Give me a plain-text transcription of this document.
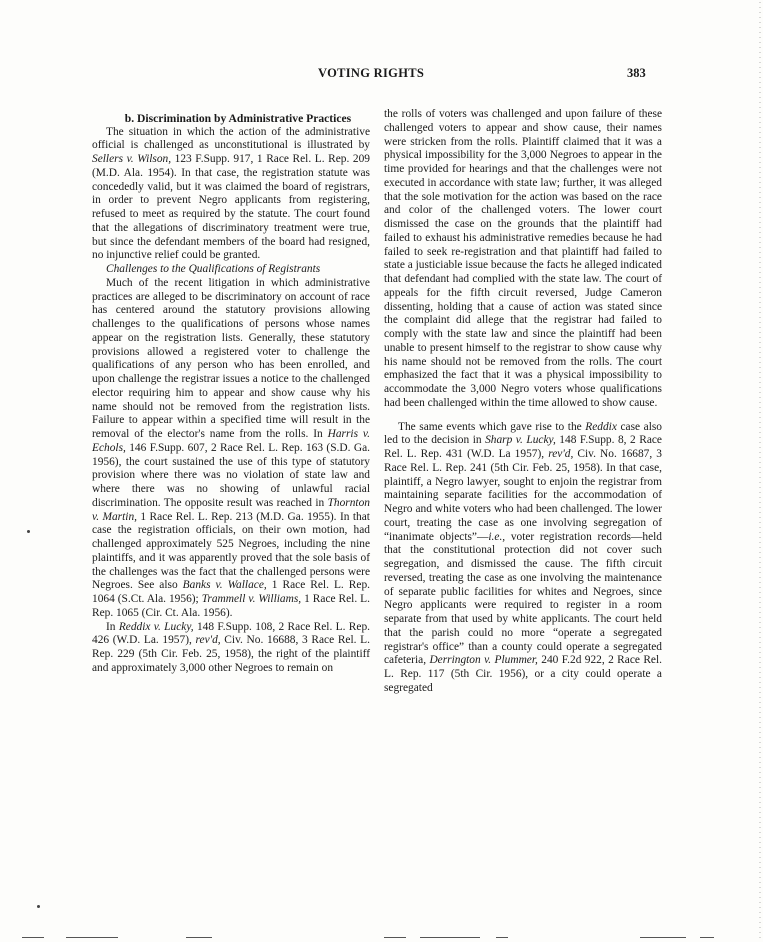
VOTING RIGHTS	383

b. Discrimination by Administrative Practices

The situation in which the action of the administrative official is challenged as unconstitutional is illustrated by Sellers v. Wilson, 123 F.Supp. 917, 1 Race Rel. L. Rep. 209 (M.D. Ala. 1954). In that case, the registration statute was concededly valid, but it was claimed the board of registrars, in order to prevent Negro applicants from registering, refused to meet as required by the statute. The court found that the allegations of discriminatory treatment were true, but since the defendant members of the board had resigned, no injunctive relief could be granted.

Challenges to the Qualifications of Registrants

Much of the recent litigation in which administrative practices are alleged to be discriminatory on account of race has centered around the statutory provisions allowing challenges to the qualifications of persons whose names appear on the registration lists. Generally, these statutory provisions allowed a registered voter to challenge the qualifications of any person who has been enrolled, and upon challenge the registrar issues a notice to the challenged elector requiring him to appear and show cause why his name should not be removed from the registration lists. Failure to appear within a specified time will result in the removal of the elector's name from the rolls. In Harris v. Echols, 146 F.Supp. 607, 2 Race Rel. L. Rep. 163 (S.D. Ga. 1956), the court sustained the use of this type of statutory provision where there was no violation of state law and where there was no showing of unlawful racial discrimination. The opposite result was reached in Thornton v. Martin, 1 Race Rel. L. Rep. 213 (M.D. Ga. 1955). In that case the registration officials, on their own motion, had challenged approximately 525 Negroes, including the nine plaintiffs, and it was apparently proved that the sole basis of the challenges was the fact that the challenged persons were Negroes. See also Banks v. Wallace, 1 Race Rel. L. Rep. 1064 (S.Ct. Ala. 1956); Trammell v. Williams, 1 Race Rel. L. Rep. 1065 (Cir. Ct. Ala. 1956).

In Reddix v. Lucky, 148 F.Supp. 108, 2 Race Rel. L. Rep. 426 (W.D. La. 1957), rev'd, Civ. No. 16688, 3 Race Rel. L. Rep. 229 (5th Cir. Feb. 25, 1958), the right of the plaintiff and approximately 3,000 other Negroes to remain on

the rolls of voters was challenged and upon failure of these challenged voters to appear and show cause, their names were stricken from the rolls. Plaintiff claimed that it was a physical impossibility for the 3,000 Negroes to appear in the time provided for hearings and that the challenges were not executed in accordance with state law; further, it was alleged that the sole motivation for the action was based on the race and color of the challenged voters. The lower court dismissed the case on the grounds that the plaintiff had failed to exhaust his administrative remedies because he had failed to seek re-registration and that plaintiff had failed to state a justiciable issue because the facts he alleged indicated that defendant had complied with the state law. The court of appeals for the fifth circuit reversed, Judge Cameron dissenting, holding that a cause of action was stated since the complaint did allege that the registrar had failed to comply with the state law and since the plaintiff had been unable to present himself to the registrar to show cause why his name should not be removed from the rolls. The court emphasized the fact that it was a physical impossibility to accommodate the 3,000 Negro voters whose qualifications had been challenged within the time allowed to show cause.

The same events which gave rise to the Reddix case also led to the decision in Sharp v. Lucky, 148 F.Supp. 8, 2 Race Rel. L. Rep. 431 (W.D. La 1957), rev'd, Civ. No. 16687, 3 Race Rel. L. Rep. 241 (5th Cir. Feb. 25, 1958). In that case, plaintiff, a Negro lawyer, sought to enjoin the registrar from maintaining separate facilities for the accommodation of Negro and white voters who had been challenged. The lower court, treating the case as one involving segregation of “inanimate objects”—i.e., voter registration records—held that the constitutional protection did not cover such segregation, and dismissed the cause. The fifth circuit reversed, treating the case as one involving the maintenance of separate public facilities for whites and Negroes, since Negro applicants were required to register in a room separate from that used by white applicants. The court held that the parish could no more “operate a segregated registrar's office” than a county could operate a segregated cafeteria, Derrington v. Plummer, 240 F.2d 922, 2 Race Rel. L. Rep. 117 (5th Cir. 1956), or a city could operate a segregated
